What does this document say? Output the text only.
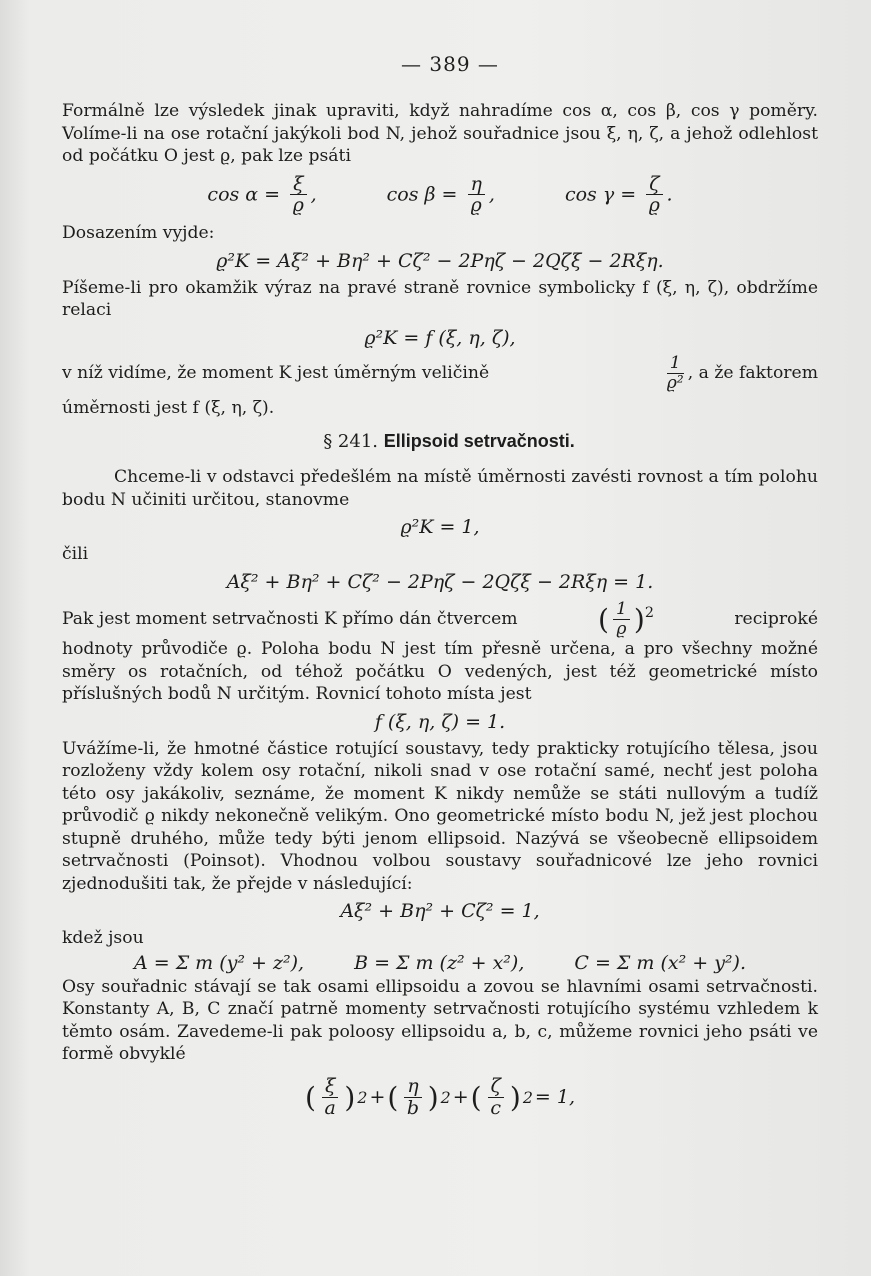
— 389 —

Formálně lze výsledek jinak upraviti, když nahradíme cos α, cos β, cos γ poměry. Volíme-li na ose rotační jakýkoli bod N, jehož souřadnice jsou ξ, η, ζ, a jehož odlehlost od počátku O jest ϱ, pak lze psáti

$\cos \alpha = \frac{\xi}{ϱ}$ ,	$\cos \beta = \frac{\eta}{ϱ}$ ,	$\cos \gamma = \frac{\zeta}{ϱ}$ .

Dosazením vyjde:

ϱ²K = Aξ² + Bη² + Cζ² − 2Pηζ − 2Qζξ − 2Rξη.

Píšeme-li pro okamžik výraz na pravé straně rovnice symbolicky f (ξ, η, ζ), obdržíme relaci

ϱ²K = f (ξ, η, ζ),
v níž vidíme, že moment K jest úměrným veličině	$\frac{1}{\text{ϱ²}}$ , a že faktorem

úměrnosti jest f (ξ, η, ζ).

§ 241. Ellipsoid setrvačnosti.

Chceme-li v odstavci předešlém na místě úměrnosti zavésti rovnost a tím polohu bodu N učiniti určitou, stanovme

ϱ²K = 1,

čili

Aξ² + Bη² + Cζ² − 2Pηζ − 2Qζξ − 2Rξη = 1.
Pak jest moment setrvačnosti K přímo dán čtvercem	( $\frac{1}{ϱ} )^2$	reciproké

hodnoty průvodiče ϱ. Poloha bodu N jest tím přesně určena, a pro všechny možné směry os rotačních, od téhož počátku O vedených, jest též geometrické místo příslušných bodů N určitým. Rovnicí tohoto místa jest

f (ξ, η, ζ) = 1.

Uvážíme-li, že hmotné částice rotující soustavy, tedy prakticky rotujícího tělesa, jsou rozloženy vždy kolem osy rotační, nikoli snad v ose rotační samé, nechť jest poloha této osy jakákoliv, seznáme, že moment K nikdy nemůže se státi nullovým a tudíž průvodič ϱ nikdy nekonečně velikým. Ono geometrické místo bodu N, jež jest plochou stupně druhého, může tedy býti jenom ellipsoid. Nazývá se všeobecně ellipsoidem setrvačnosti (Poinsot). Vhodnou volbou soustavy souřadnicové lze jeho rovnici zjednodušiti tak, že přejde v následující:

Aξ² + Bη² + Cζ² = 1,

kdež jsou

A = Σ m (y² + z²),	B = Σ m (z² + x²),	C = Σ m (x² + y²).

Osy souřadnic stávají se tak osami ellipsoidu a zovou se hlavními osami setrvačnosti. Konstanty A, B, C značí patrně momenty setrvačnosti rotujícího systému vzhledem k těmto osám. Zavedeme-li pak poloosy ellipsoidu a, b, c, můžeme rovnici jeho psáti ve formě obvyklé

( $\frac{\xi}{a}$ ) 2 + ( $\frac{\eta}{b}$ ) 2 + ( $\frac{\zeta}{c}$ ) 2 = 1,
